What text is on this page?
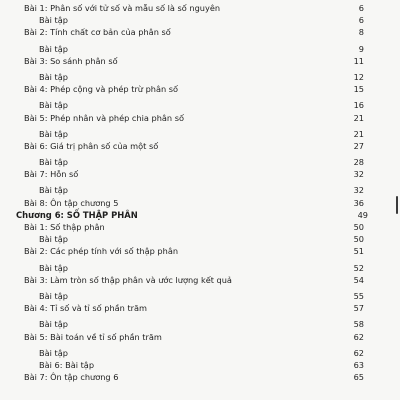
Bài 1: Phân số với tử số và mẫu số là số nguyên	6
Bài tập	6
Bài 2: Tính chất cơ bản của phân số	8
Bài tập	9
Bài 3: So sánh phân số	11
Bài tập	12
Bài 4: Phép cộng và phép trừ phân số	15
Bài tập	16
Bài 5: Phép nhân và phép chia phân số	21
Bài tập	21
Bài 6: Giá trị phân số của một số	27
Bài tập	28
Bài 7: Hỗn số	32
Bài tập	32
Bài 8: Ôn tập chương 5	36
Chương 6: SỐ THẬP PHÂN	49
Bài 1: Số thập phân	50
Bài tập	50
Bài 2: Các phép tính với số thập phân	51
Bài tập	52
Bài 3: Làm tròn số thập phân và ước lượng kết quả	54
Bài tập	55
Bài 4: Tỉ số và tỉ số phần trăm	57
Bài tập	58
Bài 5: Bài toán về tỉ số phần trăm	62
Bài tập	62
Bài 6: Bài tập	63
Bài 7: Ôn tập chương 6	65
